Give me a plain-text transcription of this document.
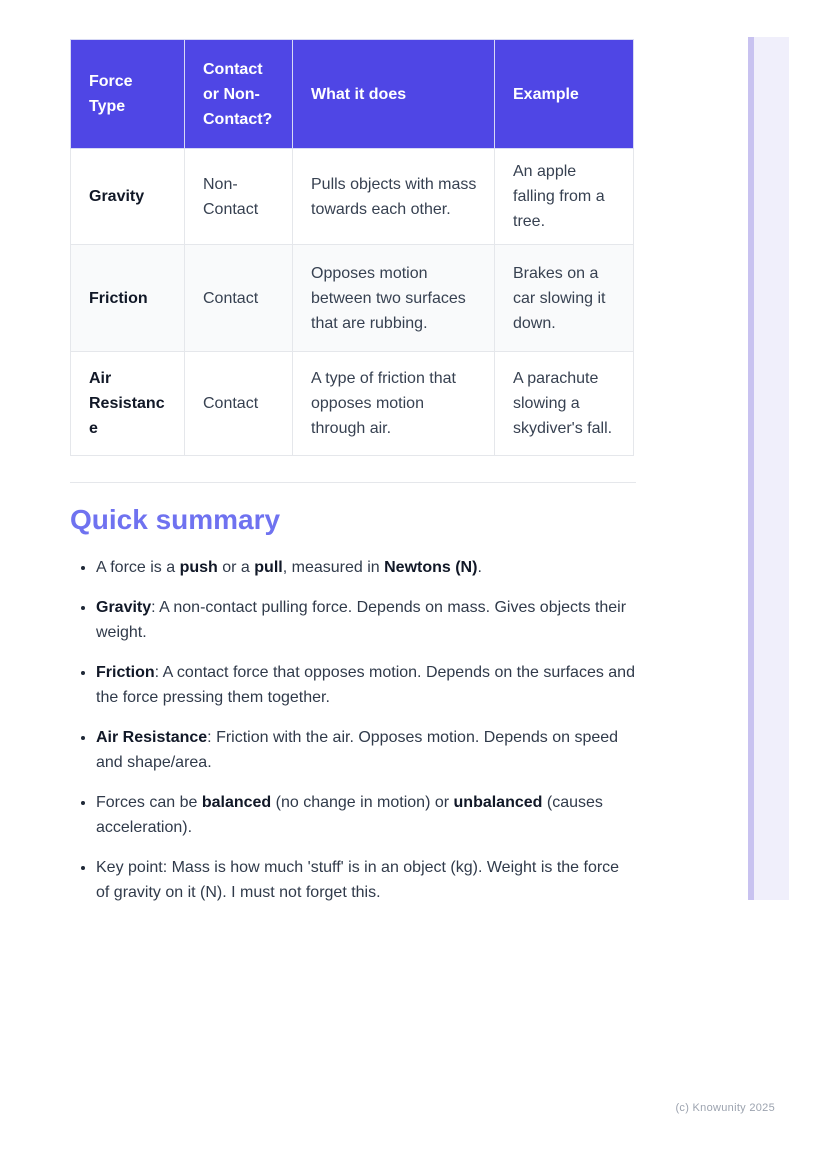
Force Type	Contact or Non-Contact?	What it does	Example
Gravity	Non-Contact	Pulls objects with mass towards each other.	An apple falling from a tree.
Friction	Contact	Opposes motion between two surfaces that are rubbing.	Brakes on a car slowing it down.
Air Resistance	Contact	A type of friction that opposes motion through air.	A parachute slowing a skydiver's fall.
Quick summary
• A force is a push or a pull, measured in Newtons (N).
• Gravity: A non-contact pulling force. Depends on mass. Gives objects their weight.
• Friction: A contact force that opposes motion. Depends on the surfaces and the force pressing them together.
• Air Resistance: Friction with the air. Opposes motion. Depends on speed and shape/area.
• Forces can be balanced (no change in motion) or unbalanced (causes acceleration).
• Key point: Mass is how much 'stuff' is in an object (kg). Weight is the force of gravity on it (N). I must not forget this.
(c) Knowunity 2025
